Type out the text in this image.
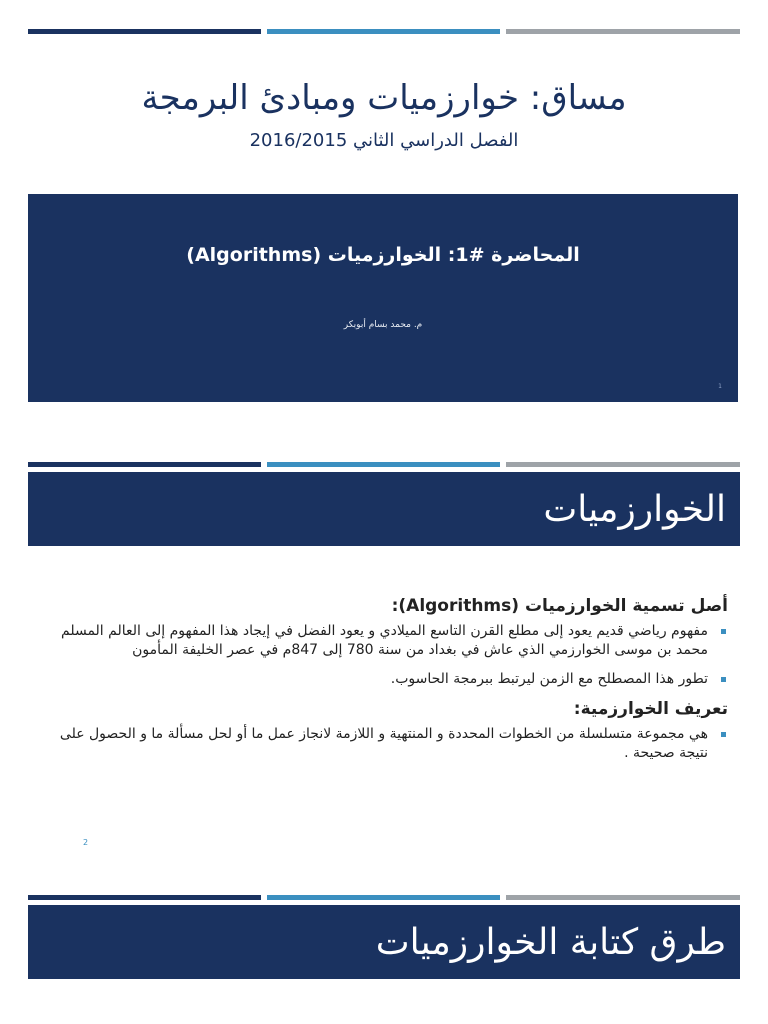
مساق: خوارزميات ومبادئ البرمجة
الفصل الدراسي الثاني 2016/2015
المحاضرة #1: الخوارزميات (Algorithms)
م. محمد بسام أبوبكر
1
الخوارزميات
أصل تسمية الخوارزميات (Algorithms):
مفهوم رياضي قديم يعود إلى مطلع القرن التاسع الميلادي و يعود الفضل في إيجاد هذا المفهوم إلى العالم المسلم محمد بن موسى الخوارزمي الذي عاش في بغداد من سنة 780 إلى 847م في عصر الخليفة المأمون
تطور هذا المصطلح مع الزمن ليرتبط ببرمجة الحاسوب.
تعريف الخوارزمية:
هي مجموعة متسلسلة من الخطوات المحددة و المنتهية و اللازمة لانجاز عمل ما أو لحل مسألة ما و الحصول على نتيجة صحيحة .
2
طرق كتابة الخوارزميات
